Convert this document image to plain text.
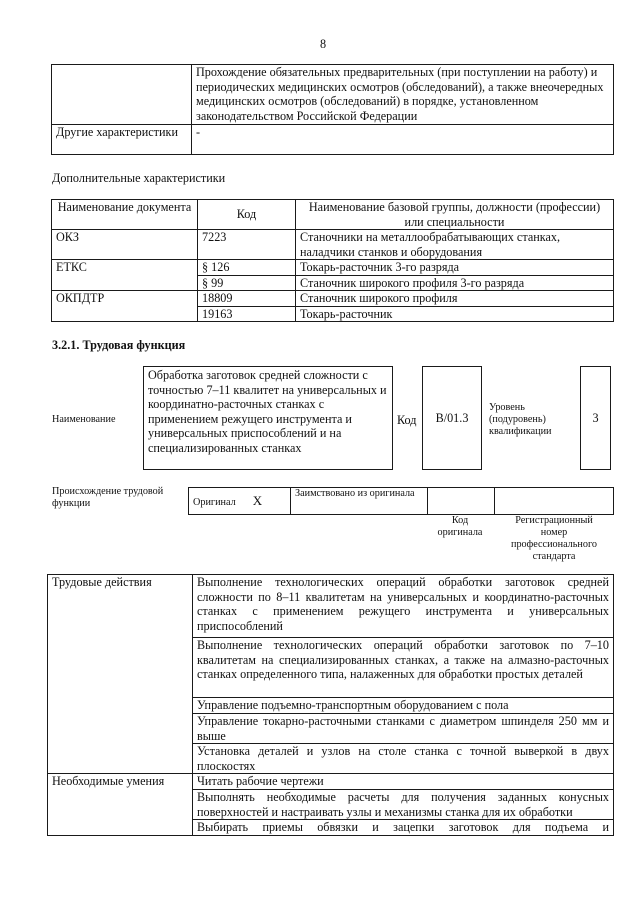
8
	Прохождение обязательных предварительных (при поступлении на работу) и периодических медицинских осмотров (обследований), а также внеочередных медицинских осмотров (обследований) в порядке, установленном законодательством Российской Федерации
Другие характеристики	-
Дополнительные характеристики
Наименование документа	Код	Наименование базовой группы, должности (профессии) или специальности
ОКЗ	7223	Станочники на металлообрабатывающих станках, наладчики станков и оборудования
ЕТКС	§ 126	Токарь-расточник 3-го разряда
	§ 99	Станочник широкого профиля 3-го разряда
ОКПДТР	18809	Станочник широкого профиля
	19163	Токарь-расточник
3.2.1. Трудовая функция
Наименование
Обработка заготовок средней сложности с точностью 7–11 квалитет на универсальных и координатно-расточных станках с применением режущего инструмента и универсальных приспособлений и на специализированных станках
Код B/01.3
Уровень (подуровень) квалификации
3
Происхождение трудовой функции	Оригинал X	Заимствовано из оригинала		
Код оригинала
Регистрационный номер профессионального стандарта
Трудовые действия	Выполнение технологических операций обработки заготовок средней сложности по 8–11 квалитетам на универсальных и координатно-расточных станках с применением режущего инструмента и универсальных приспособлений
	Выполнение технологических операций обработки заготовок по 7–10 квалитетам на специализированных станках, а также на алмазно-расточных станках определенного типа, налаженных для обработки простых деталей
	Управление подъемно-транспортным оборудованием с пола
	Управление токарно-расточными станками с диаметром шпинделя 250 мм и выше
	Установка деталей и узлов на столе станка с точной выверкой в двух плоскостях
Необходимые умения	Читать рабочие чертежи
	Выполнять необходимые расчеты для получения заданных конусных поверхностей и настраивать узлы и механизмы станка для их обработки
	Выбирать приемы обвязки и зацепки заготовок для подъема и
